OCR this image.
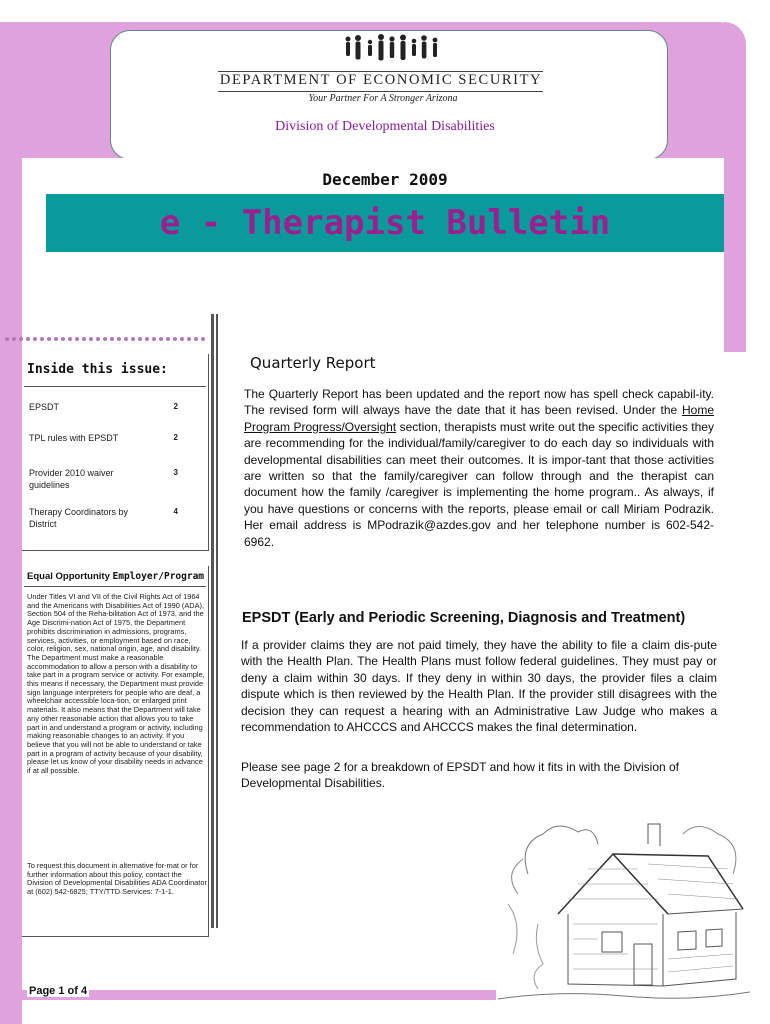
DEPARTMENT OF ECONOMIC SECURITY
Your Partner For A Stronger Arizona
Division of Developmental Disabilities
December 2009
e - Therapist Bulletin
Inside this issue:
EPSDT	2
TPL rules with EPSDT	2
Provider 2010 waiver guidelines
3
Therapy Coordinators by District
4
Equal Opportunity Employer/Program
Under Titles VI and VII of the Civil Rights Act of 1964 and the Americans with Disabilities Act of 1990 (ADA), Section 504 of the Reha-bilitation Act of 1973, and the Age Discrimi-nation Act of 1975, the Department prohibits discrimination in admissions, programs, services, activities, or employment based on race, color, religion, sex, national origin, age, and disability. The Department must make a reasonable accommodation to allow a person with a disability to take part in a program service or activity. For example, this means if necessary, the Department must provide sign language interpreters for people who are deaf, a wheelchair accessible loca-tion, or enlarged print materials. It also means that the Department will take any other reasonable action that allows you to take part in and understand a program or activity, including making reasonable changes to an activity. If you believe that you will not be able to understand or take part in a program of activity because of your disability, please let us know of your disability needs in advance if at all possible.
To request this document in alternative for-mat or for further information about this policy, contact the Division of Developmental Disabilities ADA Coordinator at (602) 542-6825; TTY/TTD Services: 7-1-1.
Page 1 of 4
Quarterly Report
The Quarterly Report has been updated and the report now has spell check capabil-ity. The revised form will always have the date that it has been revised. Under the Home Program Progress/Oversight section, therapists must write out the specific activities they are recommending for the individual/family/caregiver to do each day so individuals with developmental disabilities can meet their outcomes. It is impor-tant that those activities are written so that the family/caregiver can follow through and the therapist can document how the family /caregiver is implementing the home program.. As always, if you have questions or concerns with the reports, please email or call Miriam Podrazik. Her email address is MPodrazik@azdes.gov and her telephone number is 602-542-6962.
EPSDT (Early and Periodic Screening, Diagnosis and Treatment)
If a provider claims they are not paid timely, they have the ability to file a claim dis-pute with the Health Plan. The Health Plans must follow federal guidelines. They must pay or deny a claim within 30 days. If they deny in within 30 days, the provider files a claim dispute which is then reviewed by the Health Plan. If the provider still disagrees with the decision they can request a hearing with an Administrative Law Judge who makes a recommendation to AHCCCS and AHCCCS makes the final determination.
Please see page 2 for a breakdown of EPSDT and how it fits in with the Division of Developmental Disabilities.
